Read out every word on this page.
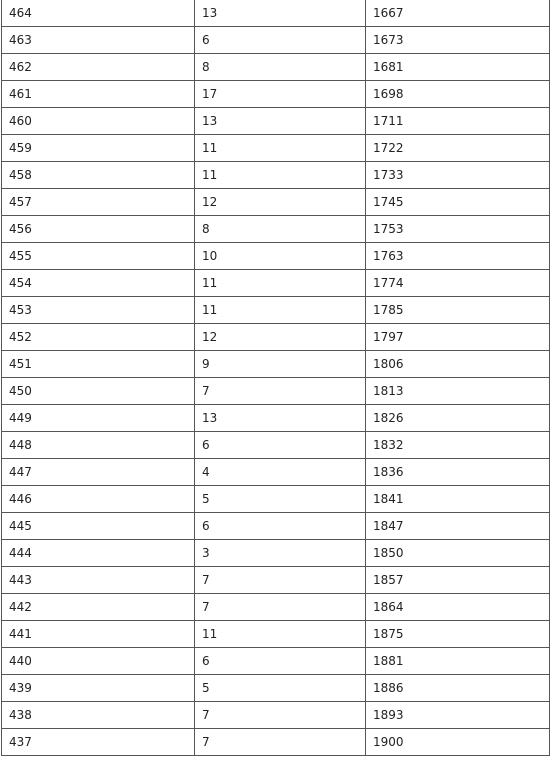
464	13	1667
463	6	1673
462	8	1681
461	17	1698
460	13	1711
459	11	1722
458	11	1733
457	12	1745
456	8	1753
455	10	1763
454	11	1774
453	11	1785
452	12	1797
451	9	1806
450	7	1813
449	13	1826
448	6	1832
447	4	1836
446	5	1841
445	6	1847
444	3	1850
443	7	1857
442	7	1864
441	11	1875
440	6	1881
439	5	1886
438	7	1893
437	7	1900
